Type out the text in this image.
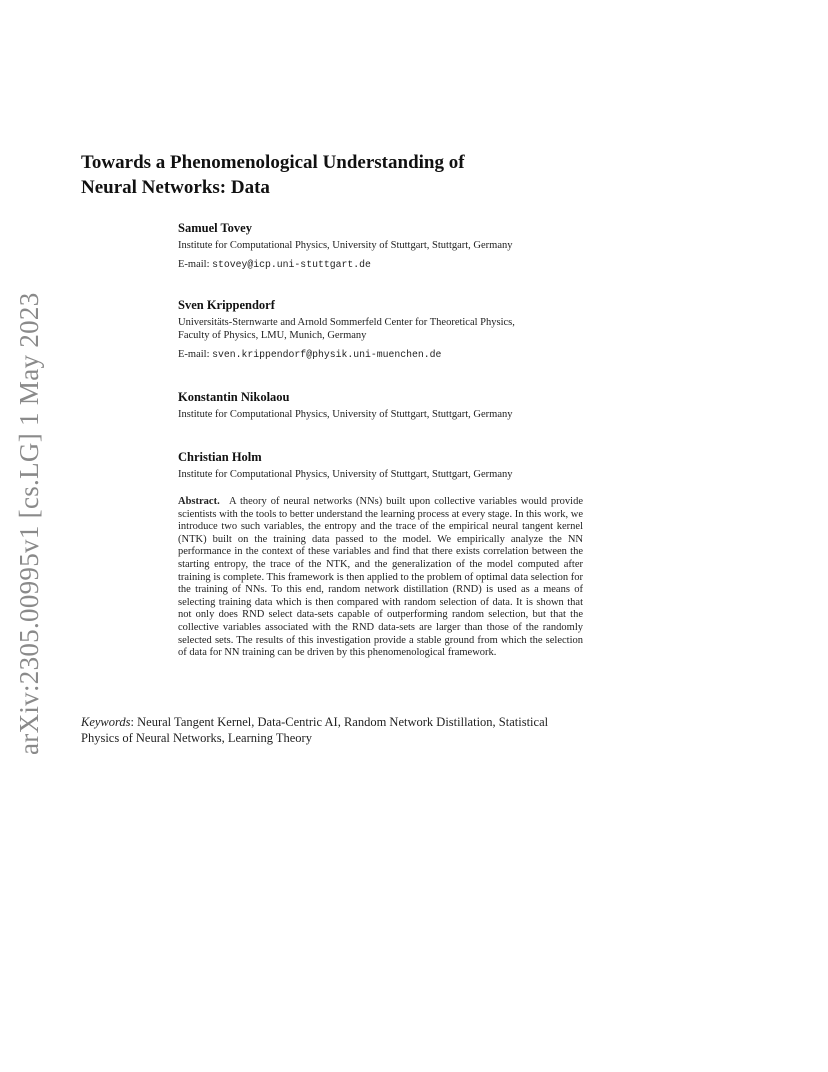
arXiv:2305.00995v1 [cs.LG] 1 May 2023
Towards a Phenomenological Understanding of
Neural Networks: Data
Samuel Tovey
Institute for Computational Physics, University of Stuttgart, Stuttgart, Germany
E-mail: stovey@icp.uni-stuttgart.de
Sven Krippendorf
Universitäts-Sternwarte and Arnold Sommerfeld Center for Theoretical Physics,
Faculty of Physics, LMU, Munich, Germany
E-mail: sven.krippendorf@physik.uni-muenchen.de
Konstantin Nikolaou
Institute for Computational Physics, University of Stuttgart, Stuttgart, Germany
Christian Holm
Institute for Computational Physics, University of Stuttgart, Stuttgart, Germany
Abstract. A theory of neural networks (NNs) built upon collective variables would provide scientists with the tools to better understand the learning process at every stage. In this work, we introduce two such variables, the entropy and the trace of the empirical neural tangent kernel (NTK) built on the training data passed to the model. We empirically analyze the NN performance in the context of these variables and find that there exists correlation between the starting entropy, the trace of the NTK, and the generalization of the model computed after training is complete. This framework is then applied to the problem of optimal data selection for the training of NNs. To this end, random network distillation (RND) is used as a means of selecting training data which is then compared with random selection of data. It is shown that not only does RND select data-sets capable of outperforming random selection, but that the collective variables associated with the RND data-sets are larger than those of the randomly selected sets. The results of this investigation provide a stable ground from which the selection of data for NN training can be driven by this phenomenological framework.
Keywords: Neural Tangent Kernel, Data-Centric AI, Random Network Distillation, Statistical Physics of Neural Networks, Learning Theory
